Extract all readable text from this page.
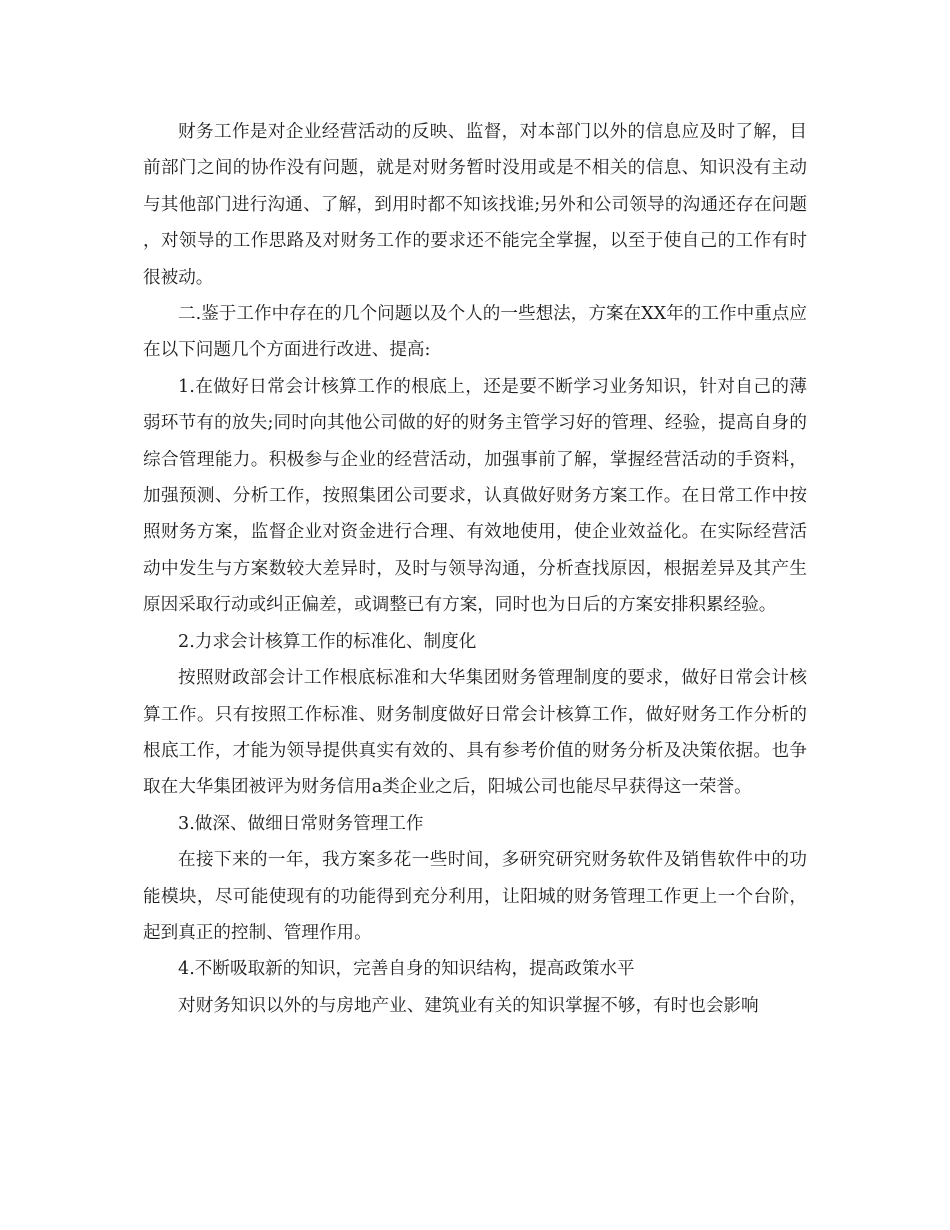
财务工作是对企业经营活动的反映、监督，对本部门以外的信息应及时了解，目前部门之间的协作没有问题，就是对财务暂时没用或是不相关的信息、知识没有主动与其他部门进行沟通、了解，到用时都不知该找谁;另外和公司领导的沟通还存在问题，对领导的工作思路及对财务工作的要求还不能完全掌握，以至于使自己的工作有时很被动。

二.鉴于工作中存在的几个问题以及个人的一些想法，方案在XX年的工作中重点应在以下问题几个方面进行改进、提高:

1.在做好日常会计核算工作的根底上，还是要不断学习业务知识，针对自己的薄弱环节有的放失;同时向其他公司做的好的财务主管学习好的管理、经验，提高自身的综合管理能力。积极参与企业的经营活动，加强事前了解，掌握经营活动的手资料，加强预测、分析工作，按照集团公司要求，认真做好财务方案工作。在日常工作中按照财务方案，监督企业对资金进行合理、有效地使用，使企业效益化。在实际经营活动中发生与方案数较大差异时，及时与领导沟通，分析查找原因，根据差异及其产生原因采取行动或纠正偏差，或调整已有方案，同时也为日后的方案安排积累经验。

2.力求会计核算工作的标准化、制度化

按照财政部会计工作根底标准和大华集团财务管理制度的要求，做好日常会计核算工作。只有按照工作标准、财务制度做好日常会计核算工作，做好财务工作分析的根底工作，才能为领导提供真实有效的、具有参考价值的财务分析及决策依据。也争取在大华集团被评为财务信用a类企业之后，阳城公司也能尽早获得这一荣誉。

3.做深、做细日常财务管理工作

在接下来的一年，我方案多花一些时间，多研究研究财务软件及销售软件中的功能模块，尽可能使现有的功能得到充分利用，让阳城的财务管理工作更上一个台阶，起到真正的控制、管理作用。

4.不断吸取新的知识，完善自身的知识结构，提高政策水平

对财务知识以外的与房地产业、建筑业有关的知识掌握不够，有时也会影响
